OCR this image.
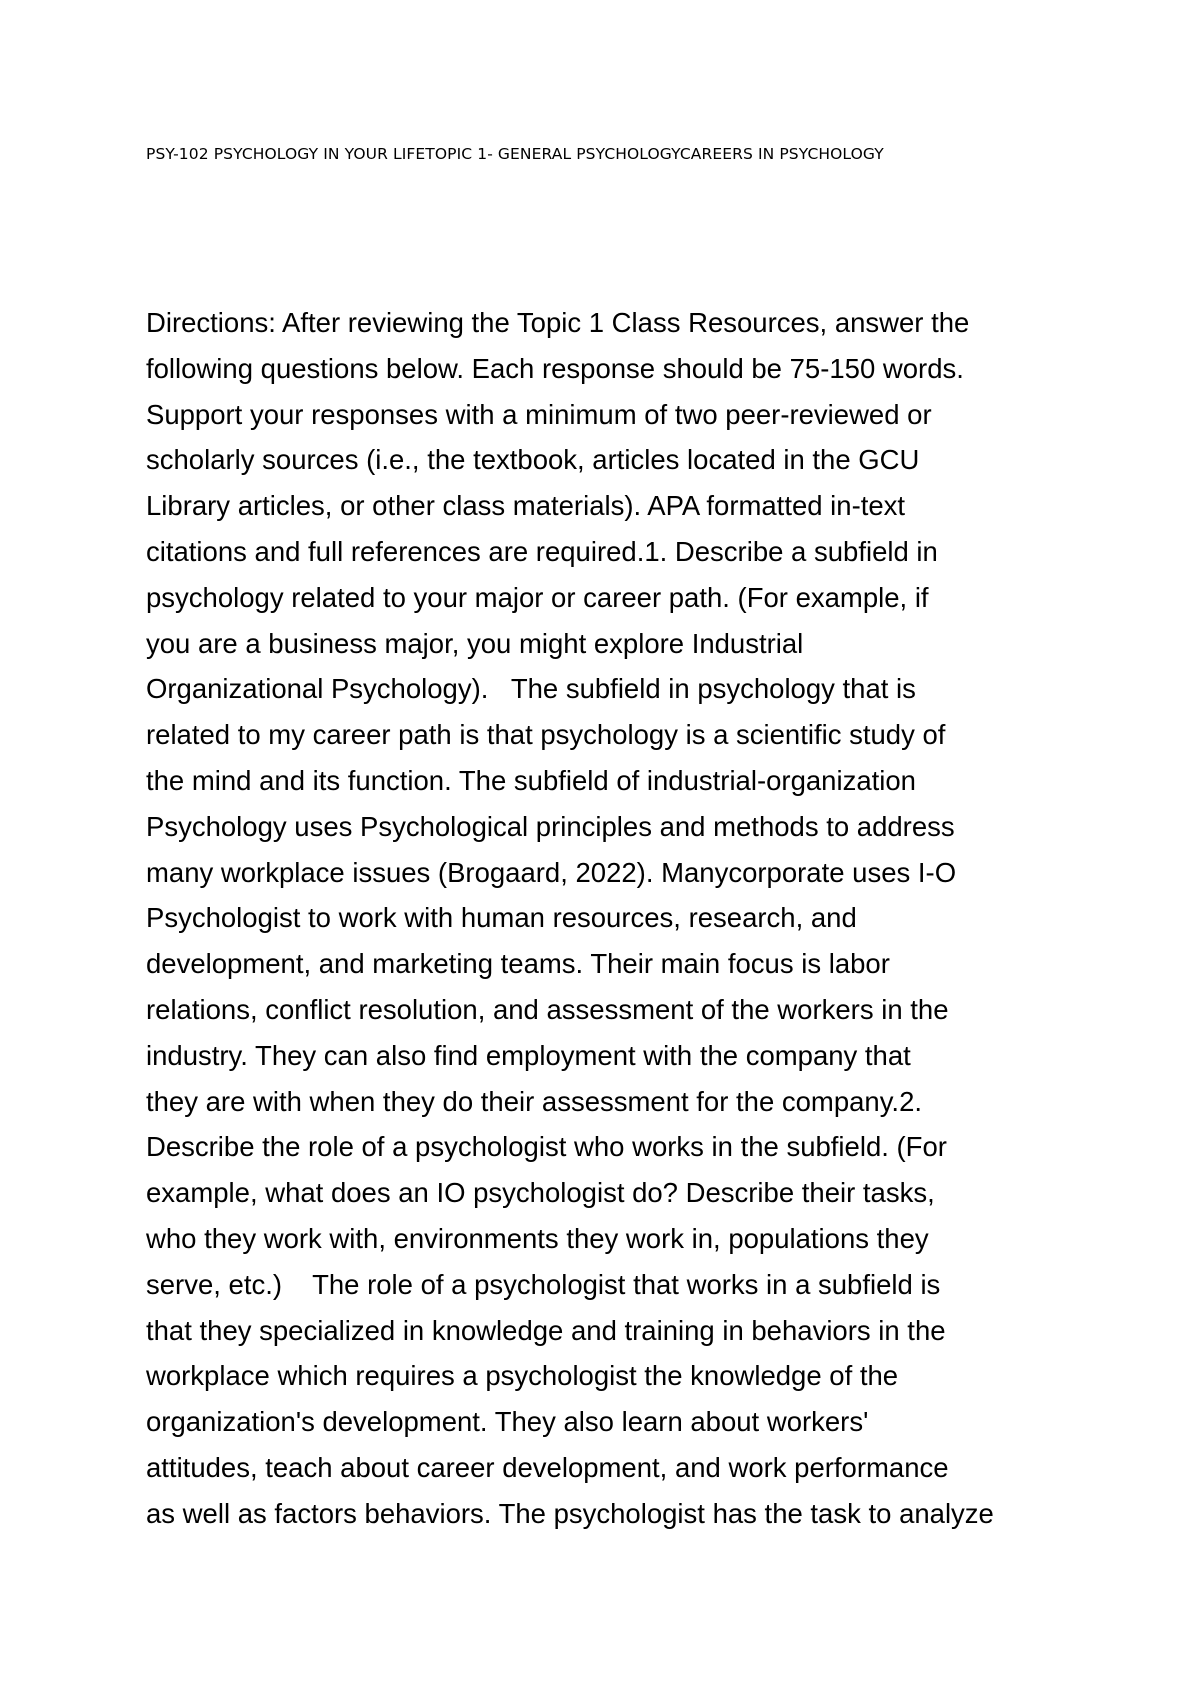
PSY-102 PSYCHOLOGY IN YOUR LIFETOPIC 1- GENERAL PSYCHOLOGYCAREERS IN PSYCHOLOGY
Directions: After reviewing the Topic 1 Class Resources, answer the
following questions below. Each response should be 75-150 words.
Support your responses with a minimum of two peer-reviewed or
scholarly sources (i.e., the textbook, articles located in the GCU
Library articles, or other class materials). APA formatted in-text
citations and full references are required.1. Describe a subfield in
psychology related to your major or career path. (For example, if
you are a business major, you might explore Industrial
Organizational Psychology).   The subfield in psychology that is
related to my career path is that psychology is a scientific study of
the mind and its function. The subfield of industrial-organization
Psychology uses Psychological principles and methods to address
many workplace issues (Brogaard, 2022). Manycorporate uses I-O
Psychologist to work with human resources, research, and
development, and marketing teams. Their main focus is labor
relations, conflict resolution, and assessment of the workers in the
industry. They can also find employment with the company that
they are with when they do their assessment for the company.2.
Describe the role of a psychologist who works in the subfield. (For
example, what does an IO psychologist do? Describe their tasks,
who they work with, environments they work in, populations they
serve, etc.)    The role of a psychologist that works in a subfield is
that they specialized in knowledge and training in behaviors in the
workplace which requires a psychologist the knowledge of the
organization's development. They also learn about workers'
attitudes, teach about career development, and work performance
as well as factors behaviors. The psychologist has the task to analyze
